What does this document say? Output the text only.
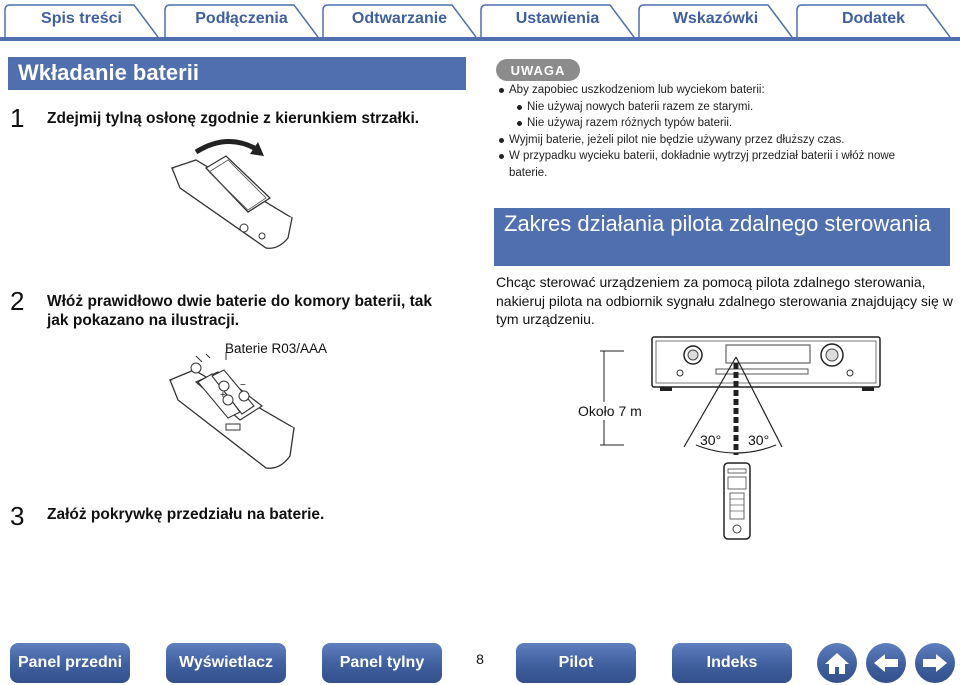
Spis treści	Podłączenia	Odtwarzanie	Ustawienia	Wskazówki	Dodatek
Wkładanie baterii
1 Zdejmij tylną osłonę zgodnie z kierunkiem strzałki.
2 Włóż prawidłowo dwie baterie do komory baterii, tak jak pokazano na ilustracji.
Baterie R03/AAA
+
−
3 Załóż pokrywkę przedziału na baterie.
UWAGA
Aby zapobiec uszkodzeniom lub wyciekom baterii:
Nie używaj nowych baterii razem ze starymi.
Nie używaj razem różnych typów baterii.
Wyjmij baterie, jeżeli pilot nie będzie używany przez dłuższy czas.
W przypadku wycieku baterii, dokładnie wytrzyj przedział baterii i włóż nowe baterie.
Zakres działania pilota zdalnego sterowania
Chcąc sterować urządzeniem za pomocą pilota zdalnego sterowania, nakieruj pilota na odbiornik sygnału zdalnego sterowania znajdujący się w tym urządzeniu.
Około 7 m
30° 30°
Panel przedni	Wyświetlacz	Panel tylny	8	Pilot	Indeks
